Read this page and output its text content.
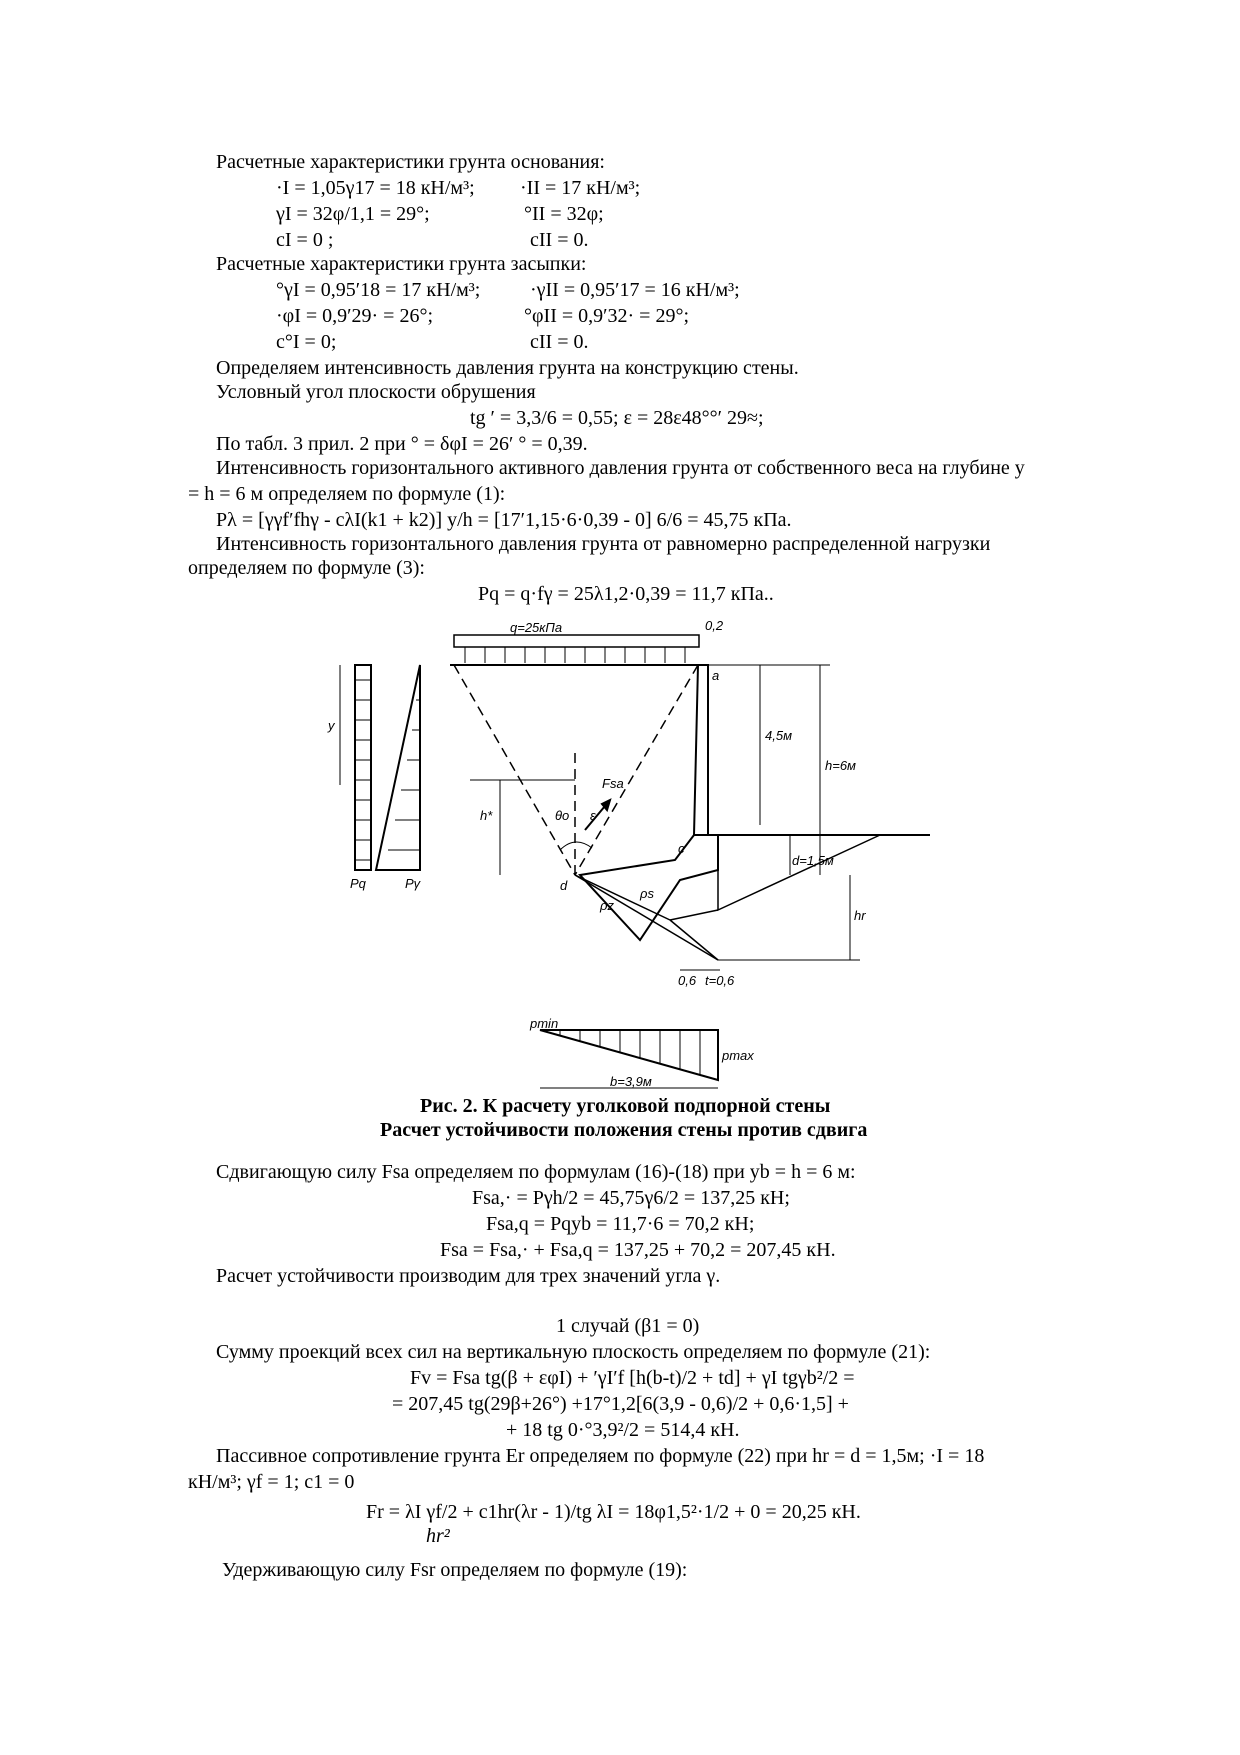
Расчетные характеристики грунта основания:
·I = 1,05γ17 = 18 кН/м³; ·II = 17 кН/м³;
γI = 32φ/1,1 = 29°;	°II = 32φ;
cI = 0 ;	cII = 0.
Расчетные характеристики грунта засыпки:
°γI = 0,95′18 = 17 кН/м³; ·γII = 0,95′17 = 16 кН/м³;
·φI = 0,9′29· = 26°;	°φII = 0,9′32· = 29°;
c°I = 0;	cII = 0.
Определяем интенсивность давления грунта на конструкцию стены.
Условный угол плоскости обрушения
tg ′ = 3,3/6 = 0,55; ε = 28ε48°°′ 29≈;
По табл. 3 прил. 2 при ° = δφI = 26′ ° = 0,39.
Интенсивность горизонтального активного давления грунта от собственного веса на глубине y
= h = 6 м определяем по формуле (1):
Pλ = [γγf′fhγ - cλI(k1 + k2)] y/h = [17′1,15·6·0,39 - 0] 6/6 = 45,75 кПа.
Интенсивность горизонтального давления грунта от равномерно распределенной нагрузки
определяем по формуле (3):
Pq = q·fγ = 25λ1,2·0,39 = 11,7 кПа..
q=25кПа	0,2
a
c
d
y
4,5м
h=6м
h*
Fsa
θo ε
d=1,5м
hr
Pq	Pγ
ρz
ρs
0,6 t=0,6
pmin
pmax
b=3,9м
Рис. 2. К расчету уголковой подпорной стены
Расчет устойчивости положения стены против сдвига
Сдвигающую силу Fsa определяем по формулам (16)-(18) при yb = h = 6 м:
Fsa,· = Pγh/2 = 45,75γ6/2 = 137,25 кН;
Fsa,q = Pqyb = 11,7·6 = 70,2 кН;
Fsa = Fsa,· + Fsa,q = 137,25 + 70,2 = 207,45 кН.
Расчет устойчивости производим для трех значений угла γ.
1 случай (β1 = 0)
Сумму проекций всех сил на вертикальную плоскость определяем по формуле (21):
Fv = Fsa tg(β + εφI) + ′γI′f [h(b-t)/2 + td] + γI tgγb²/2 =
= 207,45 tg(29β+26°) +17°1,2[6(3,9 - 0,6)/2 + 0,6·1,5] +
+ 18 tg 0·°3,9²/2 = 514,4 кН.
Пассивное сопротивление грунта Er определяем по формуле (22) при hr = d = 1,5м; ·I = 18
кН/м³; γf = 1; c1 = 0
Fr = λI γf/2 + c1hr(λr - 1)/tg λI = 18φ1,5²·1/2 + 0 = 20,25 кН.
hr²
Удерживающую силу Fsr определяем по формуле (19):
